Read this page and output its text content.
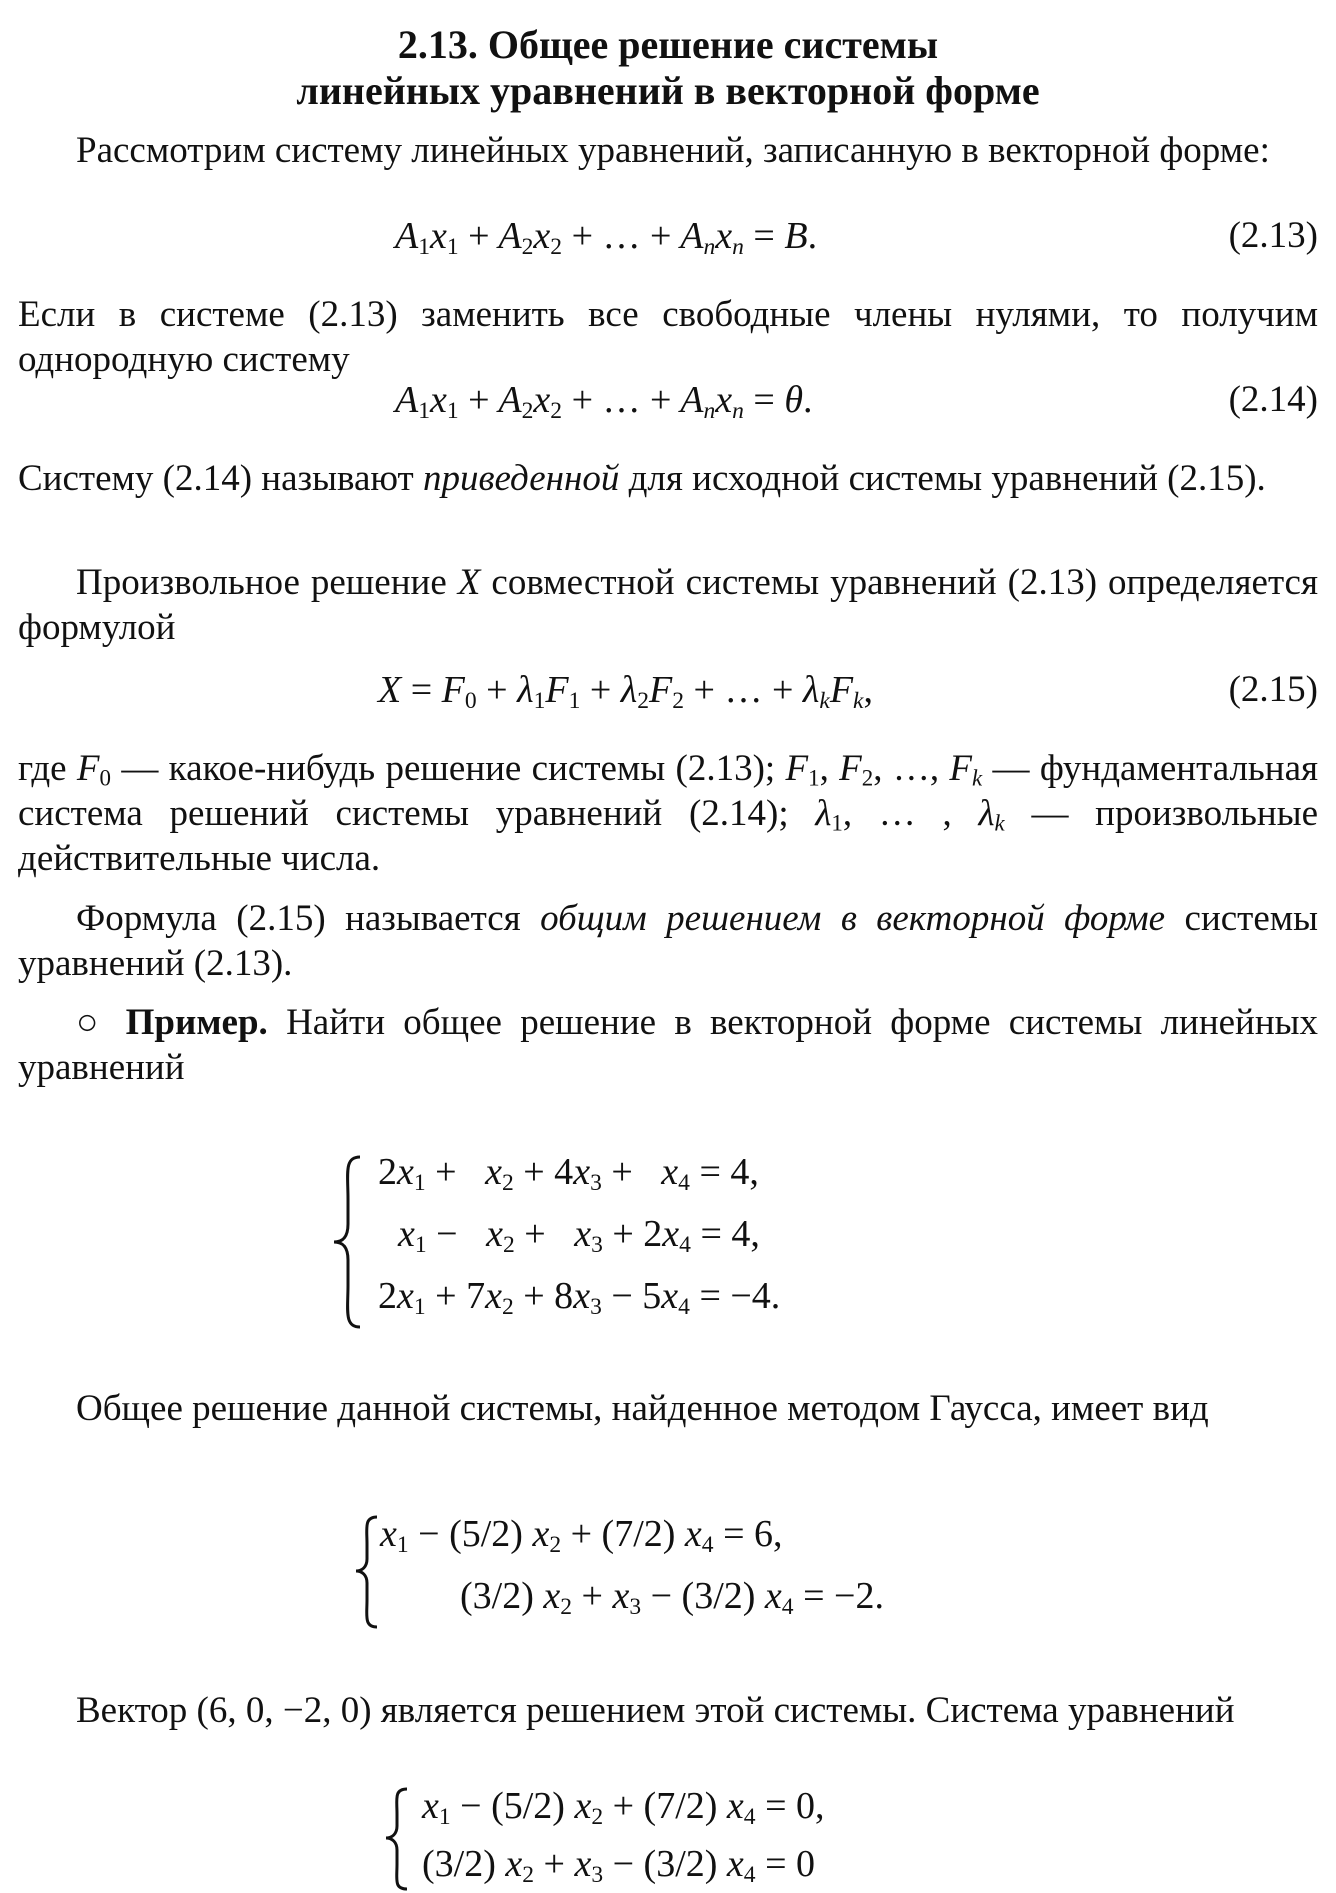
2.13. Общее решение системы
линейных уравнений в векторной форме
Рассмотрим систему линейных уравнений, записанную в векторной форме:
$A_1x_1 + A_2x_2$ + … + $A_nx_n = B$.	(2.13)
Если в системе (2.13) заменить все свободные члены нулями, то получим однородную систему
$A_1x_1 + A_2x_2$ + … + $A_nx_n = \theta$.	(2.14)
Систему (2.14) называют приведенной для исходной системы уравнений (2.15).
Произвольное решение X совместной системы уравнений (2.13) определяется формулой
$X = F_0 + \lambda_1F_1 + \lambda_2F_2$ + … + $\lambda_kF_k$,	(2.15)
где $F_0$ — какое-нибудь решение системы (2.13); $F_1$, $F_2$, …, $F_k$ — фундаментальная система решений системы уравнений (2.14); $\lambda_1$, … , $\lambda_k$ — произвольные действительные числа.
Формула (2.15) называется общим решением в векторной форме системы уравнений (2.13).
○ Пример. Найти общее решение в векторной форме системы линейных уравнений
$2x_1 + x_2 + 4x_3 + x_4 = 4$,
$x_1 - x_2 + x_3 + 2x_4 = 4$,
$2x_1 + 7x_2 + 8x_3 - 5x_4 = -4$.
Общее решение данной системы, найденное методом Гаусса, имеет вид
$x_1 - (5/2) x_2 + (7/2) x_4 = 6$,
(3/2) $x_2 + x_3 - (3/2) x_4 = -2$.
Вектор (6, 0, −2, 0) является решением этой системы. Система уравнений
$x_1 - (5/2) x_2 + (7/2) x_4 = 0$,
(3/2) $x_2 + x_3 - (3/2) x_4 = 0$
